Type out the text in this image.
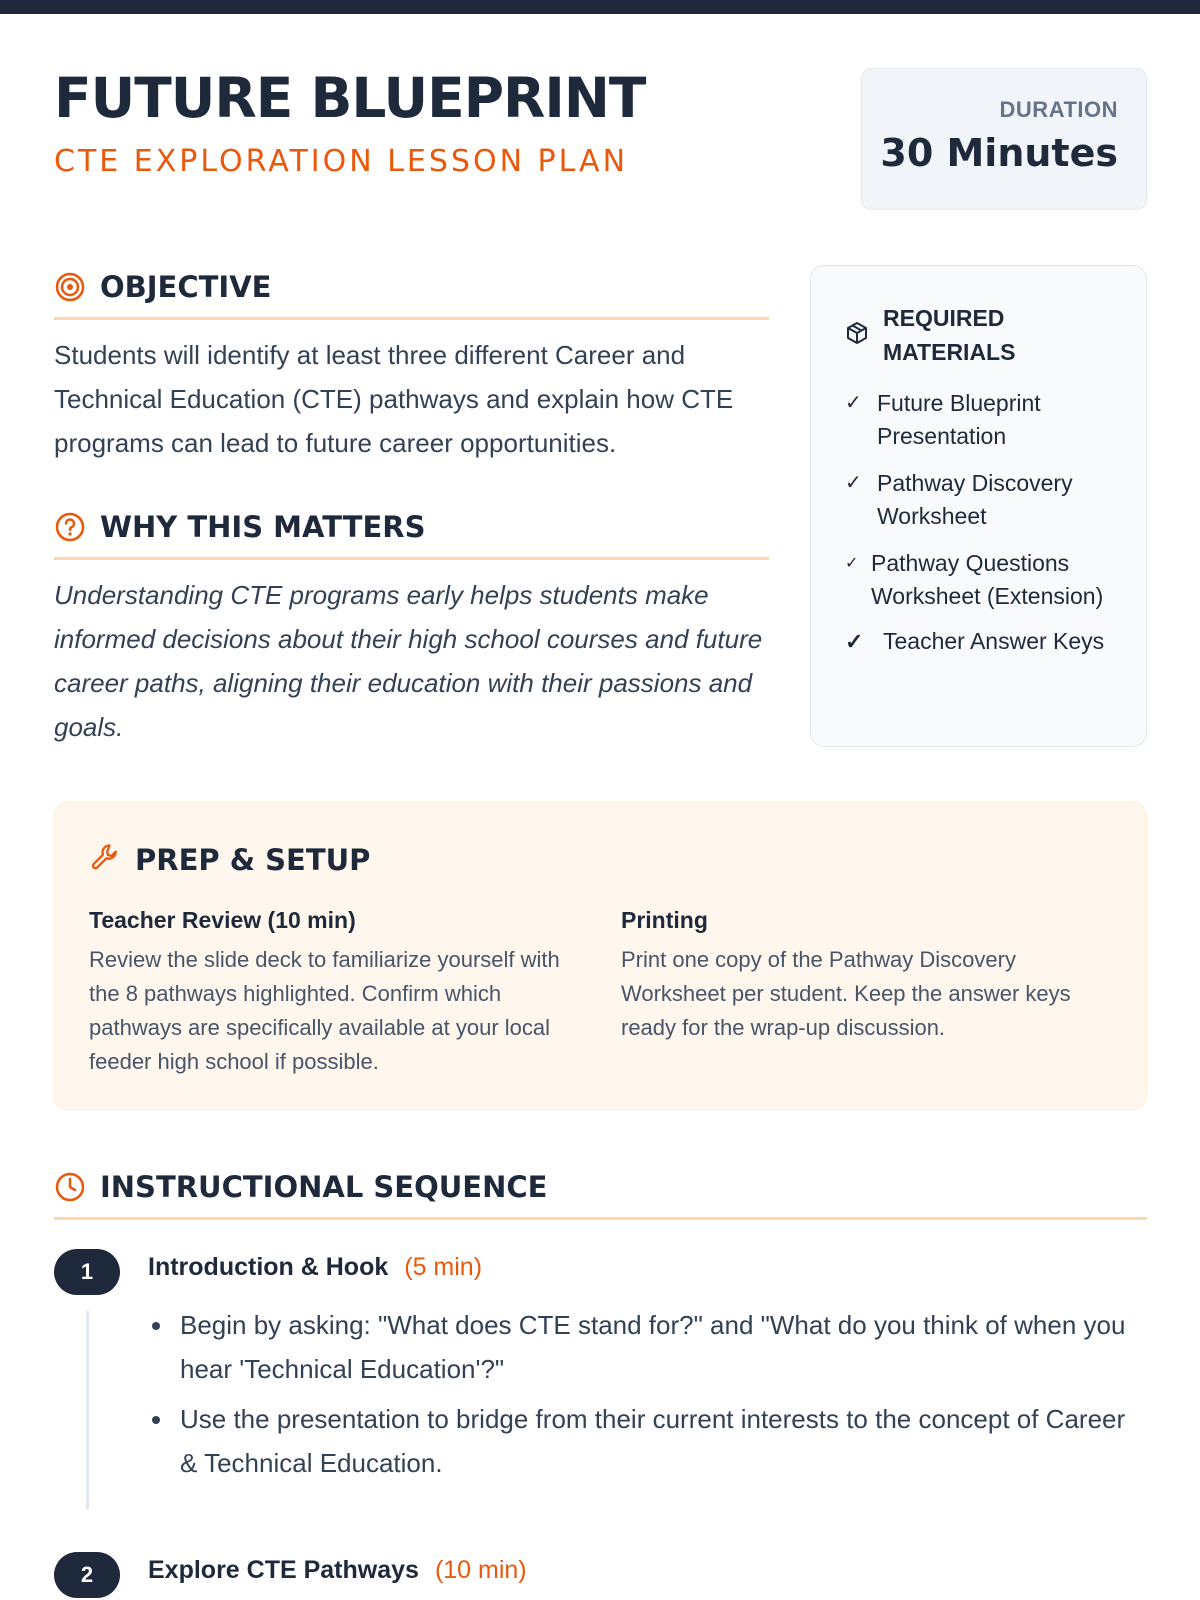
FUTURE BLUEPRINT
CTE EXPLORATION LESSON PLAN
DURATION
30 Minutes
OBJECTIVE
Students will identify at least three different Career and Technical Education (CTE) pathways and explain how CTE programs can lead to future career opportunities.
WHY THIS MATTERS
Understanding CTE programs early helps students make informed decisions about their high school courses and future career paths, aligning their education with their passions and goals.
REQUIRED MATERIALS
✓ Future Blueprint Presentation
✓ Pathway Discovery Worksheet
✓ Pathway Questions Worksheet (Extension)
✓ Teacher Answer Keys
PREP & SETUP
Teacher Review (10 min)
Review the slide deck to familiarize yourself with the 8 pathways highlighted. Confirm which pathways are specifically available at your local feeder high school if possible.
Printing
Print one copy of the Pathway Discovery Worksheet per student. Keep the answer keys ready for the wrap-up discussion.
INSTRUCTIONAL SEQUENCE
1	Introduction & Hook (5 min)
Begin by asking: "What does CTE stand for?" and "What do you think of when you hear 'Technical Education'?"
Use the presentation to bridge from their current interests to the concept of Career & Technical Education.
2	Explore CTE Pathways (10 min)
